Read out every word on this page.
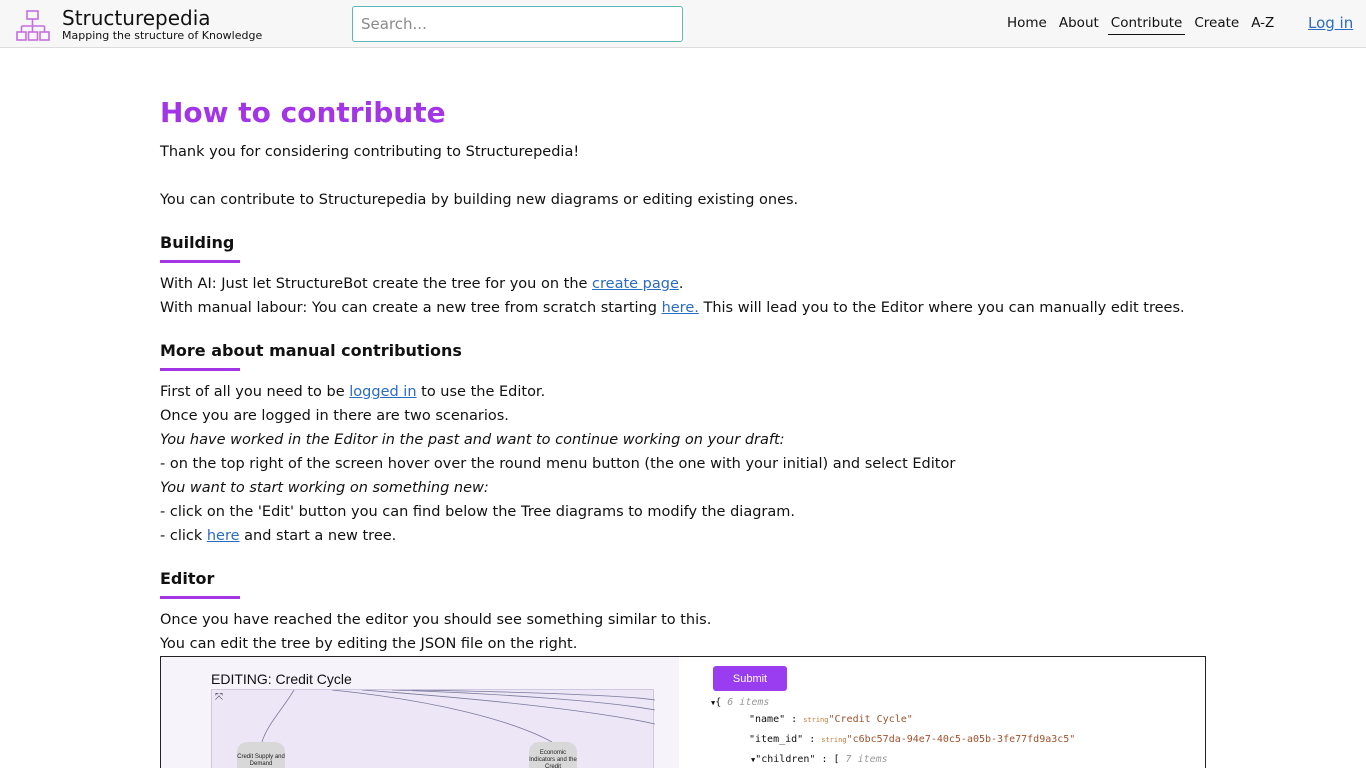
Structurepedia
Mapping the structure of Knowledge
Search...
Home About Contribute Create A-Z Log in
How to contribute
Thank you for considering contributing to Structurepedia!
You can contribute to Structurepedia by building new diagrams or editing existing ones.
Building
With AI: Just let StructureBot create the tree for you on the create page.
With manual labour: You can create a new tree from scratch starting here. This will lead you to the Editor where you can manually edit trees.
More about manual contributions
First of all you need to be logged in to use the Editor.
Once you are logged in there are two scenarios.
You have worked in the Editor in the past and want to continue working on your draft:
- on the top right of the screen hover over the round menu button (the one with your initial) and select Editor
You want to start working on something new:
- click on the 'Edit' button you can find below the Tree diagrams to modify the diagram.
- click here and start a new tree.
Editor
Once you have reached the editor you should see something similar to this.
You can edit the tree by editing the JSON file on the right.
EDITING: Credit Cycle
⤧
Credit Supply and Demand
Economic Indicators and the Credit
Submit
▼{ 6 items
"name" : string"Credit Cycle"
"item_id" : string"c6bc57da-94e7-40c5-a05b-3fe77fd9a3c5"
▼"children" : [ 7 items
